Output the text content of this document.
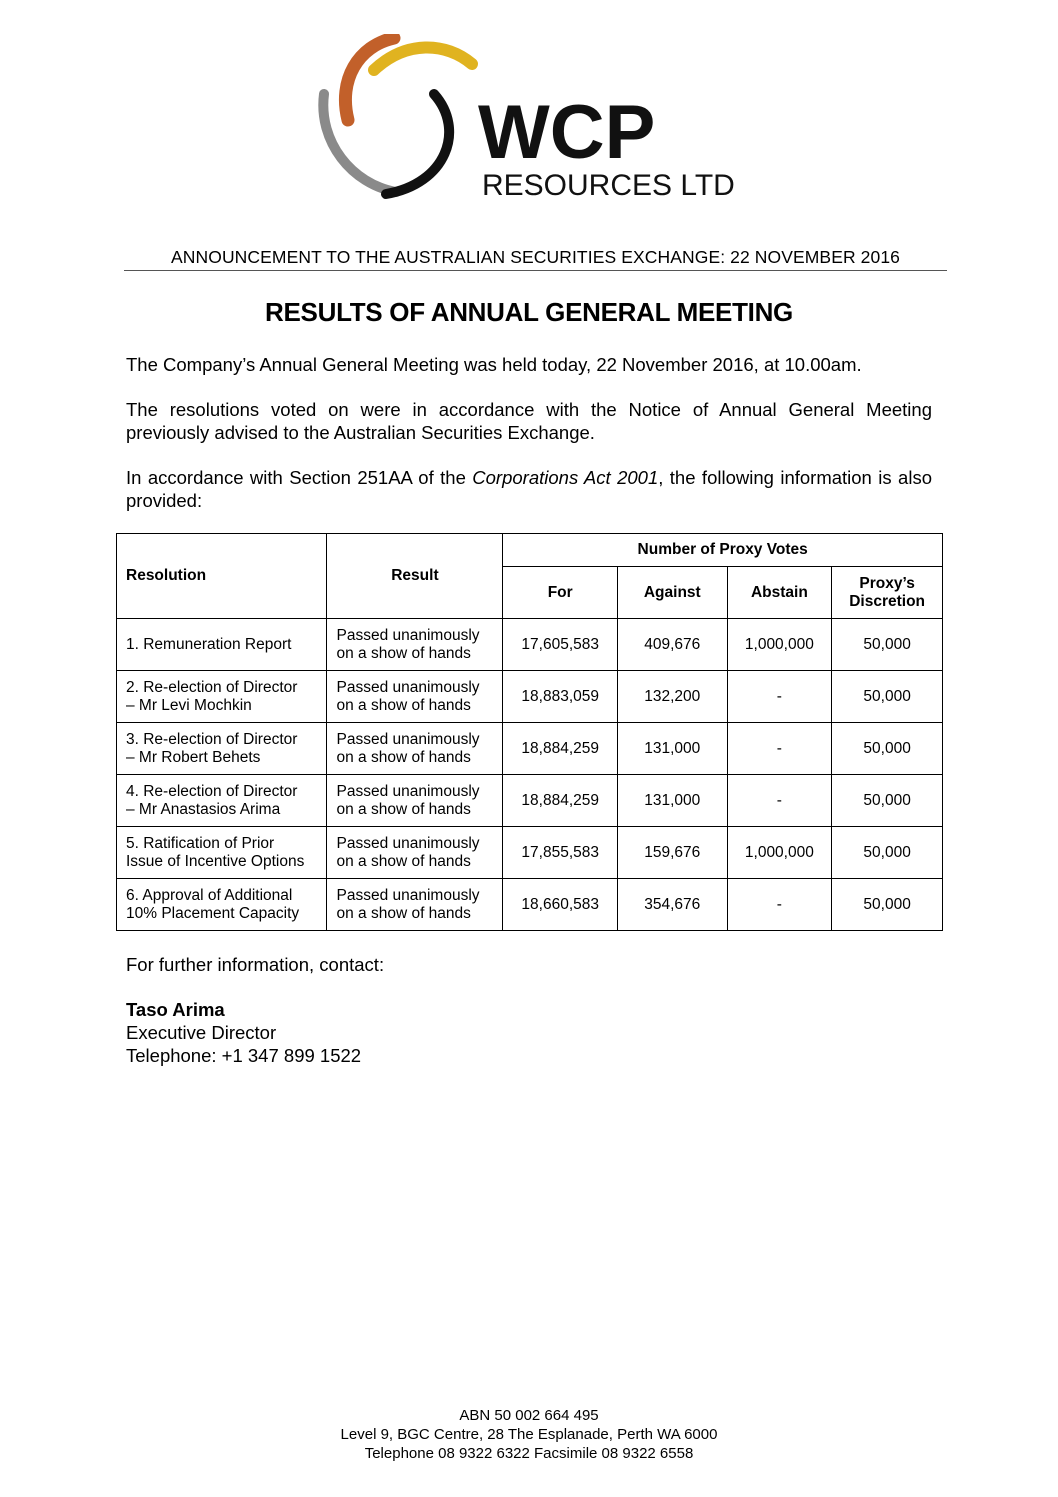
WCP
RESOURCES LTD
ANNOUNCEMENT TO THE AUSTRALIAN SECURITIES EXCHANGE: 22 NOVEMBER 2016
RESULTS OF ANNUAL GENERAL MEETING
The Company’s Annual General Meeting was held today, 22 November 2016, at 10.00am.
The resolutions voted on were in accordance with the Notice of Annual General Meeting previously advised to the Australian Securities Exchange.
In accordance with Section 251AA of the Corporations Act 2001, the following information is also provided:
Resolution	Result	Number of Proxy Votes			
		For	Against	Abstain	Proxy’s
Discretion
1. Remuneration Report	Passed unanimously
on a show of hands	17,605,583	409,676	1,000,000	50,000
2. Re-election of Director
– Mr Levi Mochkin	Passed unanimously
on a show of hands	18,883,059	132,200	-	50,000
3. Re-election of Director
– Mr Robert Behets	Passed unanimously
on a show of hands	18,884,259	131,000	-	50,000
4. Re-election of Director
– Mr Anastasios Arima	Passed unanimously
on a show of hands	18,884,259	131,000	-	50,000
5. Ratification of Prior
Issue of Incentive Options	Passed unanimously
on a show of hands	17,855,583	159,676	1,000,000	50,000
6. Approval of Additional
10% Placement Capacity	Passed unanimously
on a show of hands	18,660,583	354,676	-	50,000
For further information, contact:
Taso Arima
Executive Director
Telephone: +1 347 899 1522
ABN 50 002 664 495
Level 9, BGC Centre, 28 The Esplanade, Perth WA 6000
Telephone 08 9322 6322 Facsimile 08 9322 6558
